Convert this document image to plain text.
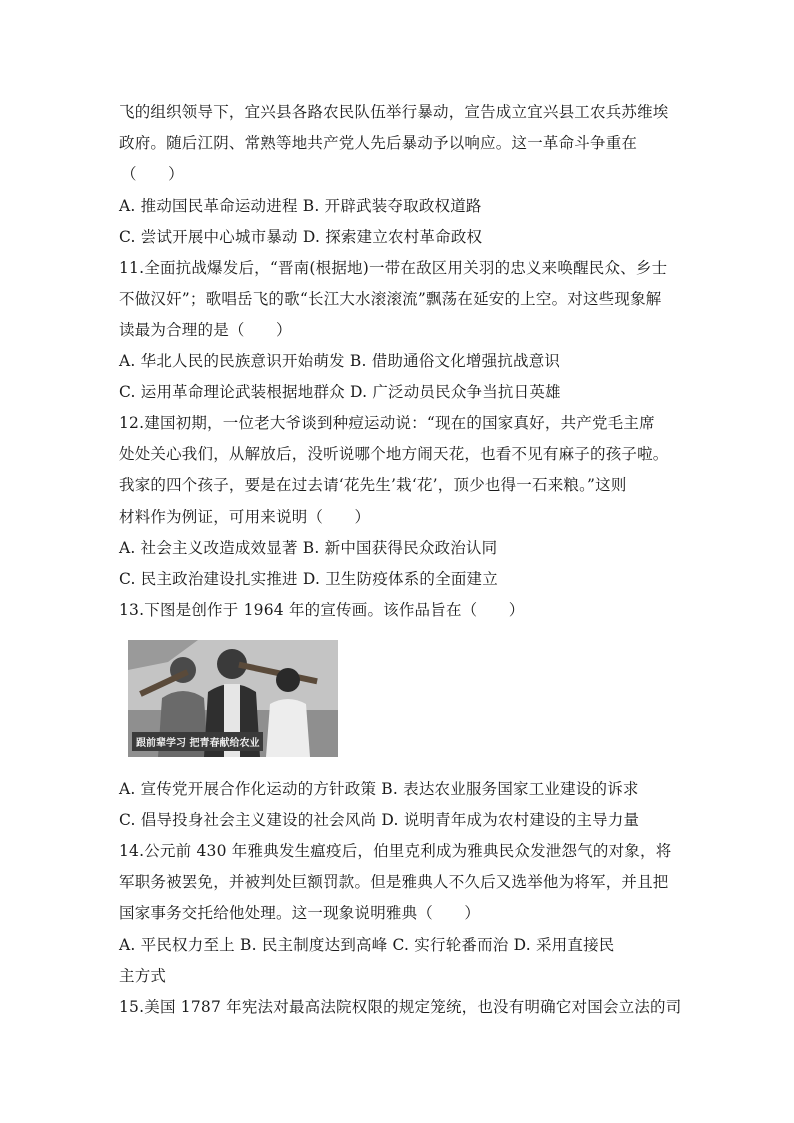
飞的组织领导下，宜兴县各路农民队伍举行暴动，宣告成立宜兴县工农兵苏维埃
政府。随后江阴、常熟等地共产党人先后暴动予以响应。这一革命斗争重在
（　　）
A. 推动国民革命运动进程 B. 开辟武装夺取政权道路
C. 尝试开展中心城市暴动 D. 探索建立农村革命政权
11.全面抗战爆发后，“晋南(根据地)一带在敌区用关羽的忠义来唤醒民众、乡士
不做汉奸”；歌唱岳飞的歌“长江大水滚滚流”飘荡在延安的上空。对这些现象解
读最为合理的是（　　）
A. 华北人民的民族意识开始萌发 B. 借助通俗文化增强抗战意识
C. 运用革命理论武装根据地群众 D. 广泛动员民众争当抗日英雄
12.建国初期，一位老大爷谈到种痘运动说：“现在的国家真好，共产党毛主席
处处关心我们，从解放后，没听说哪个地方闹天花，也看不见有麻子的孩子啦。
我家的四个孩子，要是在过去请‘花先生’栽‘花’，顶少也得一石来粮。”这则
材料作为例证，可用来说明（　　）
A. 社会主义改造成效显著 B. 新中国获得民众政治认同
C. 民主政治建设扎实推进 D. 卫生防疫体系的全面建立
13.下图是创作于 1964 年的宣传画。该作品旨在（　　）
跟前辈学习 把青春献给农业
A. 宣传党开展合作化运动的方针政策 B. 表达农业服务国家工业建设的诉求
C. 倡导投身社会主义建设的社会风尚 D. 说明青年成为农村建设的主导力量
14.公元前 430 年雅典发生瘟疫后，伯里克利成为雅典民众发泄怨气的对象，将
军职务被罢免，并被判处巨额罚款。但是雅典人不久后又选举他为将军，并且把
国家事务交托给他处理。这一现象说明雅典（　　）
A. 平民权力至上 B. 民主制度达到高峰 C. 实行轮番而治 D. 采用直接民
主方式
15.美国 1787 年宪法对最高法院权限的规定笼统，也没有明确它对国会立法的司
